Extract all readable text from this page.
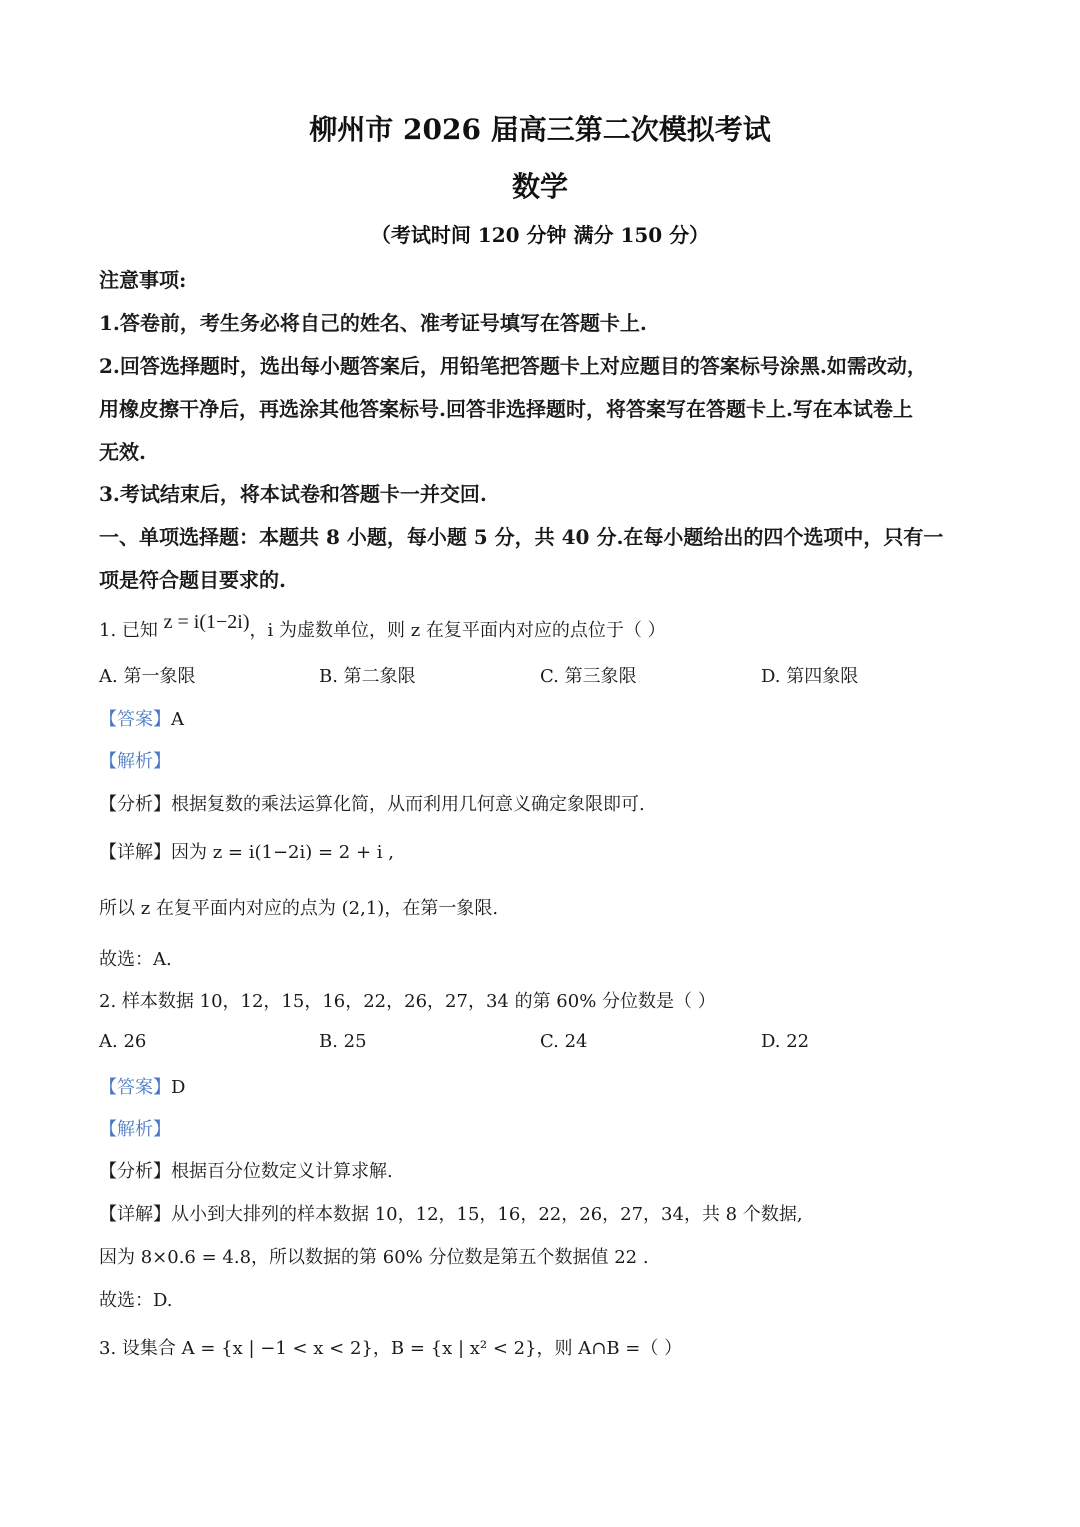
柳州市 2026 届高三第二次模拟考试
数学
（考试时间 120 分钟 满分 150 分）
注意事项:
1.答卷前，考生务必将自己的姓名、准考证号填写在答题卡上.
2.回答选择题时，选出每小题答案后，用铅笔把答题卡上对应题目的答案标号涂黑.如需改动，
用橡皮擦干净后，再选涂其他答案标号.回答非选择题时，将答案写在答题卡上.写在本试卷上
无效.
3.考试结束后，将本试卷和答题卡一并交回.
一、单项选择题：本题共 8 小题，每小题 5 分，共 40 分.在每小题给出的四个选项中，只有一
项是符合题目要求的.
1. 已知 z = i(1−2i)，i 为虚数单位，则 z 在复平面内对应的点位于（ ）
A. 第一象限	B. 第二象限	C. 第三象限	D. 第四象限
【答案】A
【解析】
【分析】根据复数的乘法运算化简，从而利用几何意义确定象限即可.
【详解】因为 z = i(1−2i) = 2 + i ,
所以 z 在复平面内对应的点为 (2,1)，在第一象限.
故选：A.
2. 样本数据 10，12，15，16，22，26，27，34 的第 60% 分位数是（ ）
A. 26	B. 25	C. 24	D. 22
【答案】D
【解析】
【分析】根据百分位数定义计算求解.
【详解】从小到大排列的样本数据 10，12，15，16，22，26，27，34，共 8 个数据,
因为 8×0.6 = 4.8，所以数据的第 60% 分位数是第五个数据值 22 .
故选：D.
3. 设集合 A = {x | −1 < x < 2}，B = {x | x² < 2}，则 A∩B =（ ）
